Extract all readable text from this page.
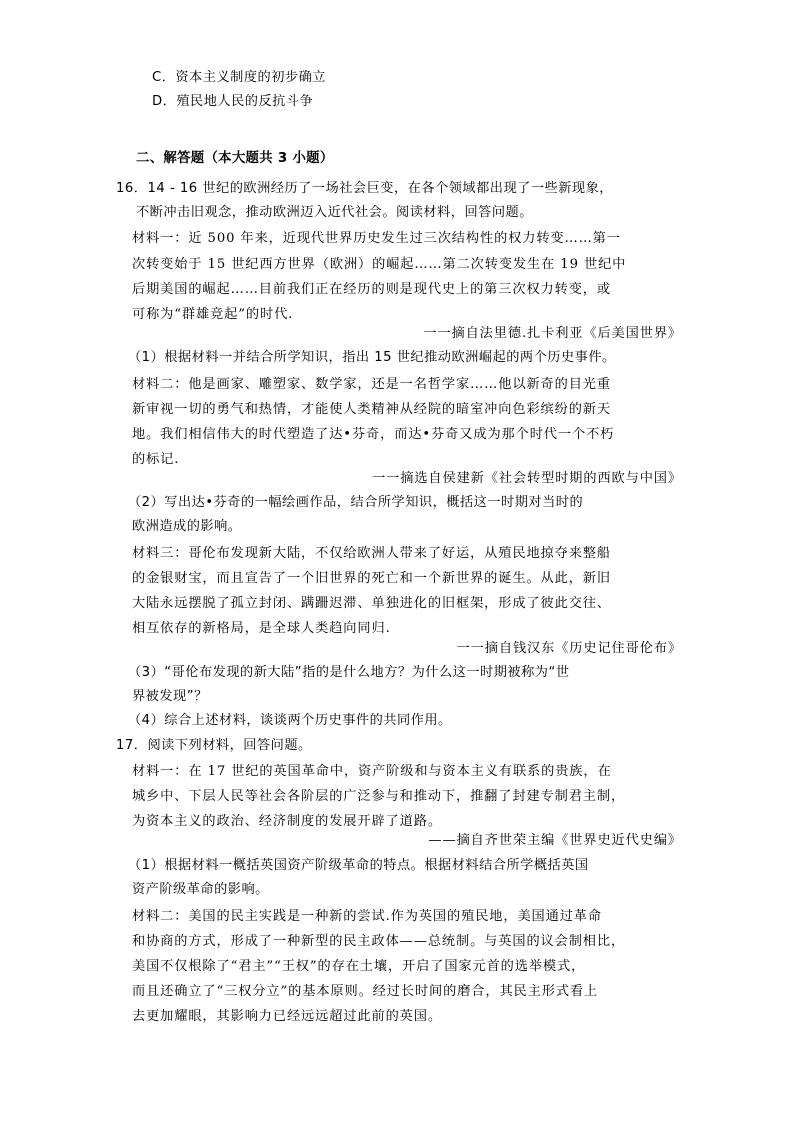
C．资本主义制度的初步确立
D．殖民地人民的反抗斗争
二、解答题（本大题共 3 小题）
16．14 - 16 世纪的欧洲经历了一场社会巨变，在各个领域都出现了一些新现象，
不断冲击旧观念，推动欧洲迈入近代社会。阅读材料，回答问题。
材料一：近 500 年来，近现代世界历史发生过三次结构性的权力转变……第一
次转变始于 15 世纪西方世界（欧洲）的崛起……第二次转变发生在 19 世纪中
后期美国的崛起……目前我们正在经历的则是现代史上的第三次权力转变，或
可称为“群雄竞起”的时代.
一一摘自法里德.扎卡利亚《后美国世界》
（1）根据材料一并结合所学知识，指出 15 世纪推动欧洲崛起的两个历史事件。
材料二：他是画家、雕塑家、数学家，还是一名哲学家……他以新奇的目光重
新审视一切的勇气和热情，才能使人类精神从经院的暗室冲向色彩缤纷的新天
地。我们相信伟大的时代塑造了达•芬奇，而达•芬奇又成为那个时代一个不朽
的标记.
一一摘选自侯建新《社会转型时期的西欧与中国》
（2）写出达•芬奇的一幅绘画作品，结合所学知识，概括这一时期对当时的
欧洲造成的影响。
材料三：哥伦布发现新大陆，不仅给欧洲人带来了好运，从殖民地掠夺来整船
的金银财宝，而且宣告了一个旧世界的死亡和一个新世界的诞生。从此，新旧
大陆永远摆脱了孤立封闭、蹒跚迟滞、单独进化的旧框架，形成了彼此交往、
相互依存的新格局，是全球人类趋向同归.
一一摘自钱汉东《历史记住哥伦布》
（3）“哥伦布发现的新大陆”指的是什么地方？为什么这一时期被称为“世
界被发现”？
（4）综合上述材料，谈谈两个历史事件的共同作用。
17．阅读下列材料，回答问题。
材料一：在 17 世纪的英国革命中，资产阶级和与资本主义有联系的贵族，在
城乡中、下层人民等社会各阶层的广泛参与和推动下，推翻了封建专制君主制，
为资本主义的政治、经济制度的发展开辟了道路。
——摘自齐世荣主编《世界史近代史编》
（1）根据材料一概括英国资产阶级革命的特点。根据材料结合所学概括英国
资产阶级革命的影响。
材料二：美国的民主实践是一种新的尝试.作为英国的殖民地，美国通过革命
和协商的方式，形成了一种新型的民主政体——总统制。与英国的议会制相比，
美国不仅根除了“君主”“王权”的存在土壤，开启了国家元首的选举模式，
而且还确立了“三权分立”的基本原则。经过长时间的磨合，其民主形式看上
去更加耀眼，其影响力已经远远超过此前的英国。
